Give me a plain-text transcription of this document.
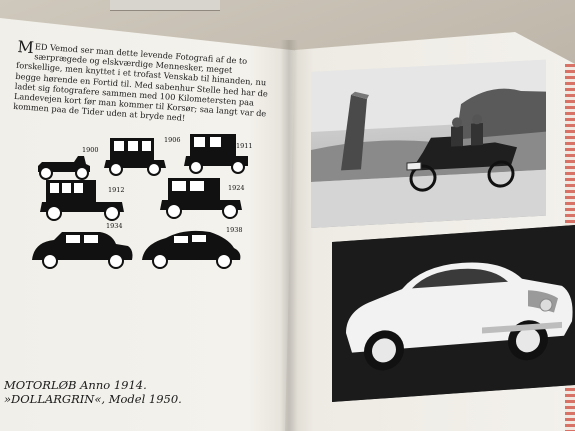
MED Vemod ser man dette levende Fotografi af de to særprægede og elskværdige Mennesker, meget forskellige, men knyttet i et trofast Venskab til hinanden, nu begge hørende en Fortid til. Med sabenhur Stelle hed har de ladet sig fotografere sammen med 100 Kilometersten paa Landevejen kort før man kommer til Korsør; saa langt var de kommen paa de Tider uden at bryde ned!
1900
1906
1911
1912	1924
1934	1938
MOTORLØB Anno 1914.
»DOLLARGRIN«, Model 1950.
